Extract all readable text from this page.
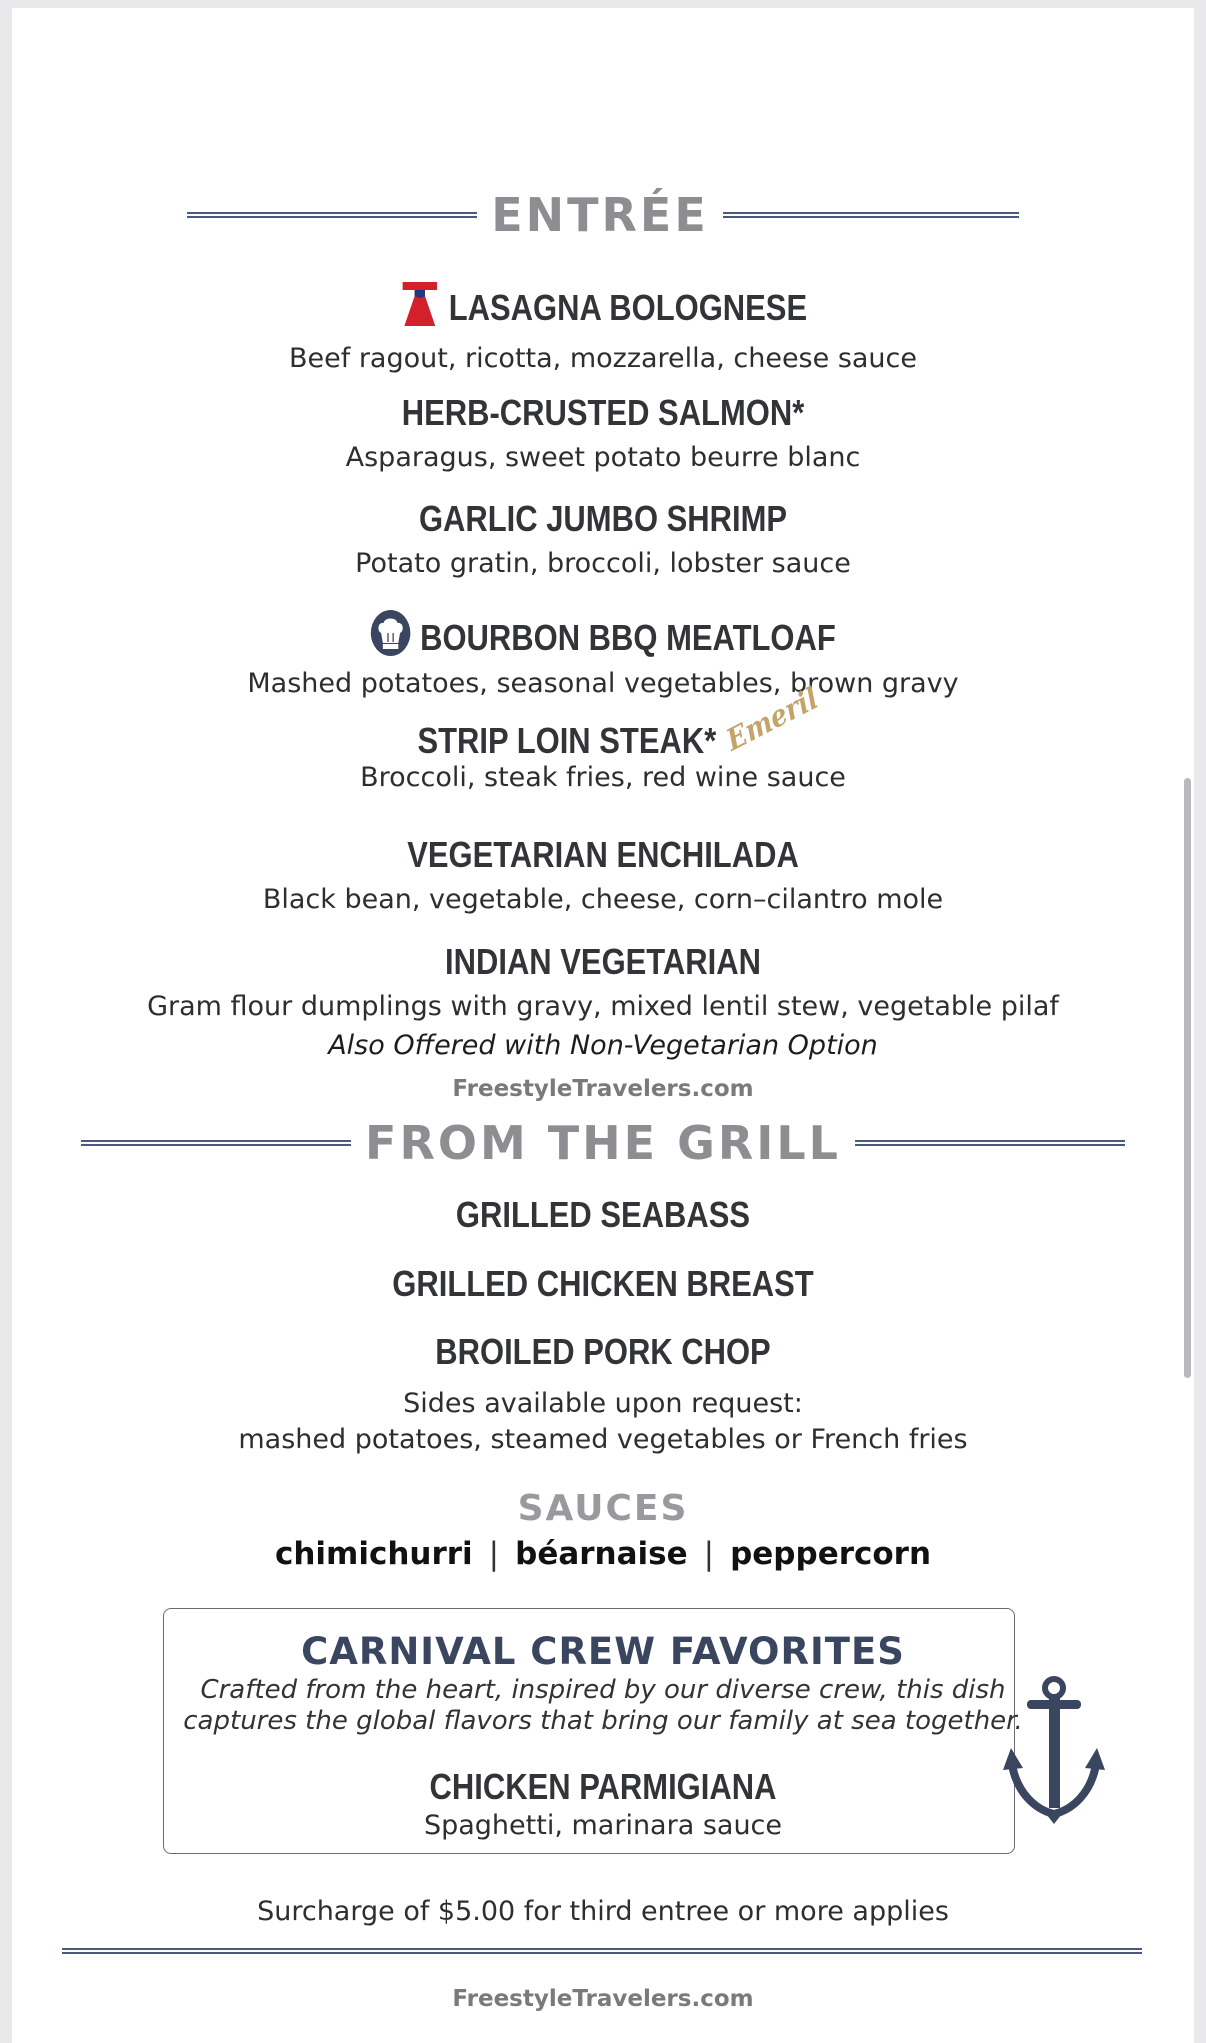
ENTRÉE
LASAGNA BOLOGNESE
Beef ragout, ricotta, mozzarella, cheese sauce
HERB-CRUSTED SALMON*
Asparagus, sweet potato beurre blanc
GARLIC JUMBO SHRIMP
Potato gratin, broccoli, lobster sauce
BOURBON BBQ MEATLOAF
Mashed potatoes, seasonal vegetables, brown gravy
STRIP LOIN STEAK* Emeril
Broccoli, steak fries, red wine sauce
VEGETARIAN ENCHILADA
Black bean, vegetable, cheese, corn–cilantro mole
INDIAN VEGETARIAN
Gram flour dumplings with gravy, mixed lentil stew, vegetable pilaf
Also Offered with Non-Vegetarian Option
FreestyleTravelers.com
FROM THE GRILL
GRILLED SEABASS
GRILLED CHICKEN BREAST
BROILED PORK CHOP
Sides available upon request:
mashed potatoes, steamed vegetables or French fries
SAUCES
chimichurri | béarnaise | peppercorn
CARNIVAL CREW FAVORITES
Crafted from the heart, inspired by our diverse crew, this dish
captures the global flavors that bring our family at sea together.
CHICKEN PARMIGIANA
Spaghetti, marinara sauce
Surcharge of $5.00 for third entree or more applies
FreestyleTravelers.com
